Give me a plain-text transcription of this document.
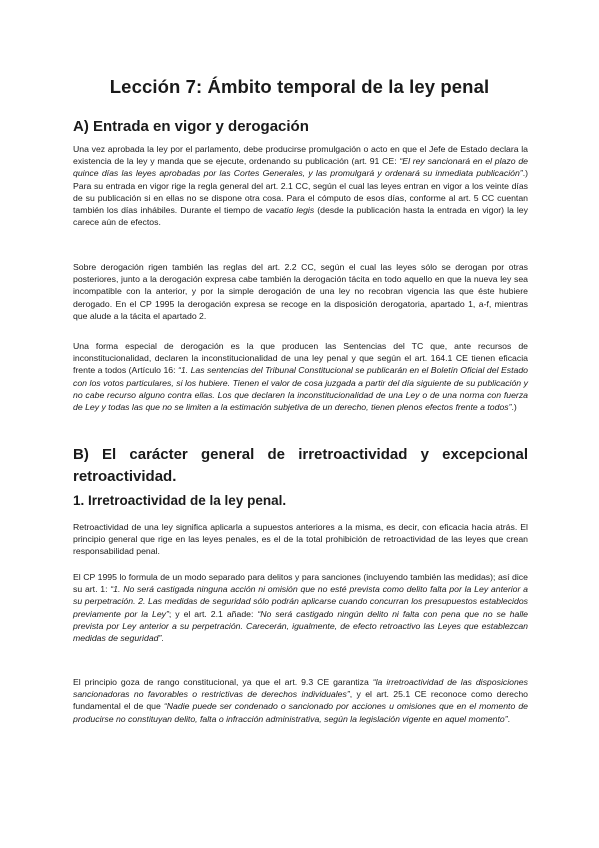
Lección 7: Ámbito temporal de la ley penal
A) Entrada en vigor y derogación

Una vez aprobada la ley por el parlamento, debe producirse promulgación o acto en que el Jefe de Estado declara la existencia de la ley y manda que se ejecute, ordenando su publicación (art. 91 CE: “El rey sancionará en el plazo de quince días las leyes aprobadas por las Cortes Generales, y las promulgará y ordenará su inmediata publicación”.) Para su entrada en vigor rige la regla general del art. 2.1 CC, según el cual las leyes entran en vigor a los veinte días de su publicación si en ellas no se dispone otra cosa. Para el cómputo de esos días, conforme al art. 5 CC cuentan también los días inhábiles. Durante el tiempo de vacatio legis (desde la publicación hasta la entrada en vigor) la ley carece aún de efectos.

Sobre derogación rigen también las reglas del art. 2.2 CC, según el cual las leyes sólo se derogan por otras posteriores, junto a la derogación expresa cabe también la derogación tácita en todo aquello en que la nueva ley sea incompatible con la anterior, y por la simple derogación de una ley no recobran vigencia las que éste hubiere derogado. En el CP 1995 la derogación expresa se recoge en la disposición derogatoria, apartado 1, a-f, mientras que alude a la tácita el apartado 2.

Una forma especial de derogación es la que producen las Sentencias del TC que, ante recursos de inconstitucionalidad, declaren la inconstitucionalidad de una ley penal y que según el art. 164.1 CE tienen eficacia frente a todos (Artículo 16: “1. Las sentencias del Tribunal Constitucional se publicarán en el Boletín Oficial del Estado con los votos particulares, si los hubiere. Tienen el valor de cosa juzgada a partir del día siguiente de su publicación y no cabe recurso alguno contra ellas. Los que declaren la inconstitucionalidad de una Ley o de una norma con fuerza de Ley y todas las que no se limiten a la estimación subjetiva de un derecho, tienen plenos efectos frente a todos”.)

B) El carácter general de irretroactividad y excepcional retroactividad.
1. Irretroactividad de la ley penal.

Retroactividad de una ley significa aplicarla a supuestos anteriores a la misma, es decir, con eficacia hacia atrás. El principio general que rige en las leyes penales, es el de la total prohibición de retroactividad de las leyes que crean responsabilidad penal.

El CP 1995 lo formula de un modo separado para delitos y para sanciones (incluyendo también las medidas); así dice su art. 1: “1. No será castigada ninguna acción ni omisión que no esté prevista como delito falta por la Ley anterior a su perpetración. 2. Las medidas de seguridad sólo podrán aplicarse cuando concurran los presupuestos establecidos previamente por la Ley”; y el art. 2.1 añade: “No será castigado ningún delito ni falta con pena que no se halle prevista por Ley anterior a su perpetración. Carecerán, igualmente, de efecto retroactivo las Leyes que establezcan medidas de seguridad”.

El principio goza de rango constitucional, ya que el art. 9.3 CE garantiza “la irretroactividad de las disposiciones sancionadoras no favorables o restrictivas de derechos individuales”, y el art. 25.1 CE reconoce como derecho fundamental el de que “Nadie puede ser condenado o sancionado por acciones u omisiones que en el momento de producirse no constituyan delito, falta o infracción administrativa, según la legislación vigente en aquel momento”.
